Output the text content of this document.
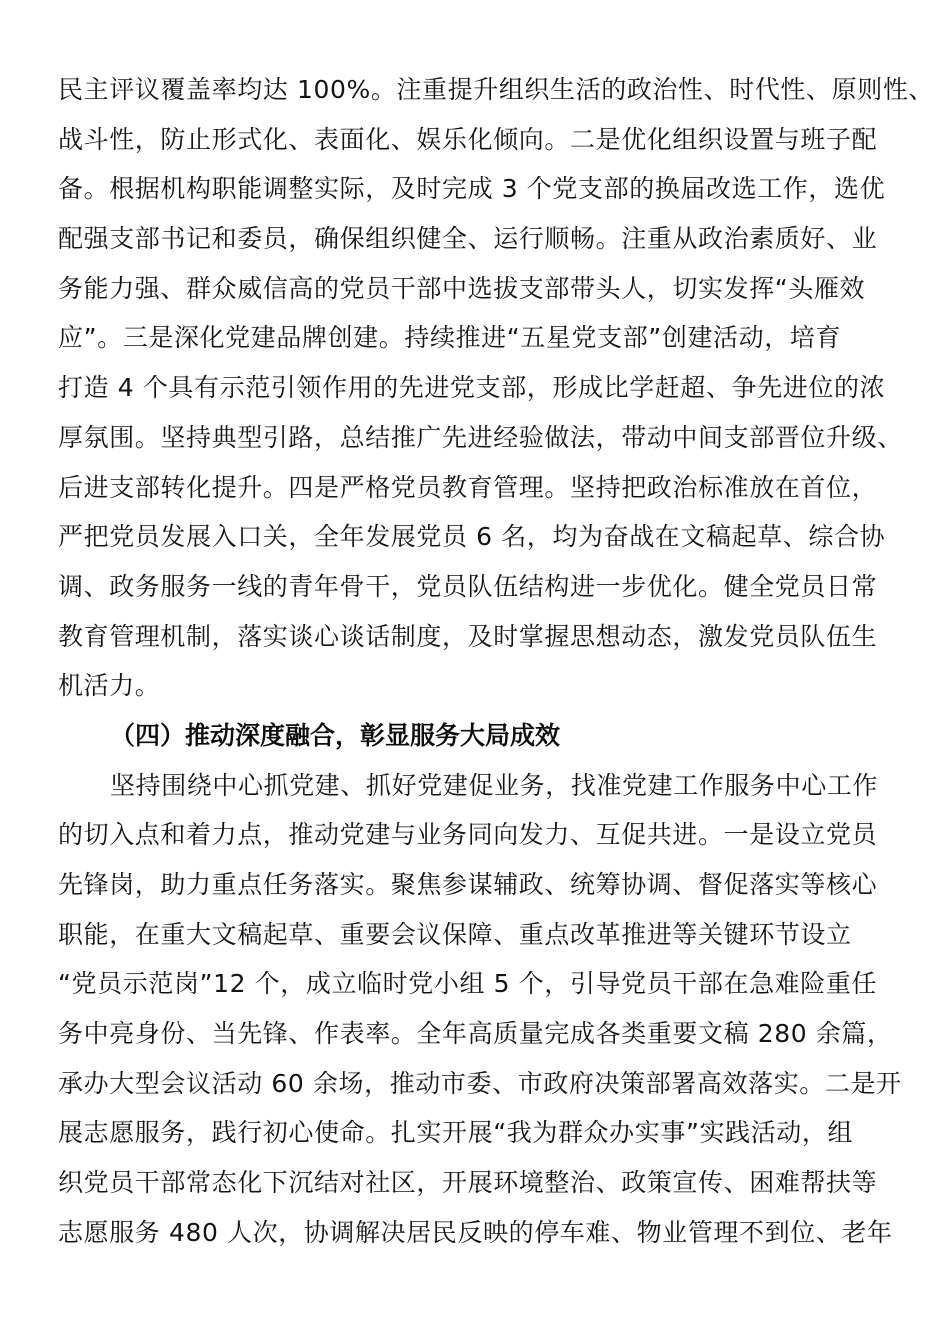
民主评议覆盖率均达 100%。注重提升组织生活的政治性、时代性、原则性、
战斗性，防止形式化、表面化、娱乐化倾向。二是优化组织设置与班子配
备。根据机构职能调整实际，及时完成 3 个党支部的换届改选工作，选优
配强支部书记和委员，确保组织健全、运行顺畅。注重从政治素质好、业
务能力强、群众威信高的党员干部中选拔支部带头人，切实发挥“头雁效
应”。三是深化党建品牌创建。持续推进“五星党支部”创建活动，培育
打造 4 个具有示范引领作用的先进党支部，形成比学赶超、争先进位的浓
厚氛围。坚持典型引路，总结推广先进经验做法，带动中间支部晋位升级、
后进支部转化提升。四是严格党员教育管理。坚持把政治标准放在首位，
严把党员发展入口关，全年发展党员 6 名，均为奋战在文稿起草、综合协
调、政务服务一线的青年骨干，党员队伍结构进一步优化。健全党员日常
教育管理机制，落实谈心谈话制度，及时掌握思想动态，激发党员队伍生
机活力。
（四）推动深度融合，彰显服务大局成效
坚持围绕中心抓党建、抓好党建促业务，找准党建工作服务中心工作
的切入点和着力点，推动党建与业务同向发力、互促共进。一是设立党员
先锋岗，助力重点任务落实。聚焦参谋辅政、统筹协调、督促落实等核心
职能，在重大文稿起草、重要会议保障、重点改革推进等关键环节设立
“党员示范岗”12 个，成立临时党小组 5 个，引导党员干部在急难险重任
务中亮身份、当先锋、作表率。全年高质量完成各类重要文稿 280 余篇，
承办大型会议活动 60 余场，推动市委、市政府决策部署高效落实。二是开
展志愿服务，践行初心使命。扎实开展“我为群众办实事”实践活动，组
织党员干部常态化下沉结对社区，开展环境整治、政策宣传、困难帮扶等
志愿服务 480 人次，协调解决居民反映的停车难、物业管理不到位、老年
